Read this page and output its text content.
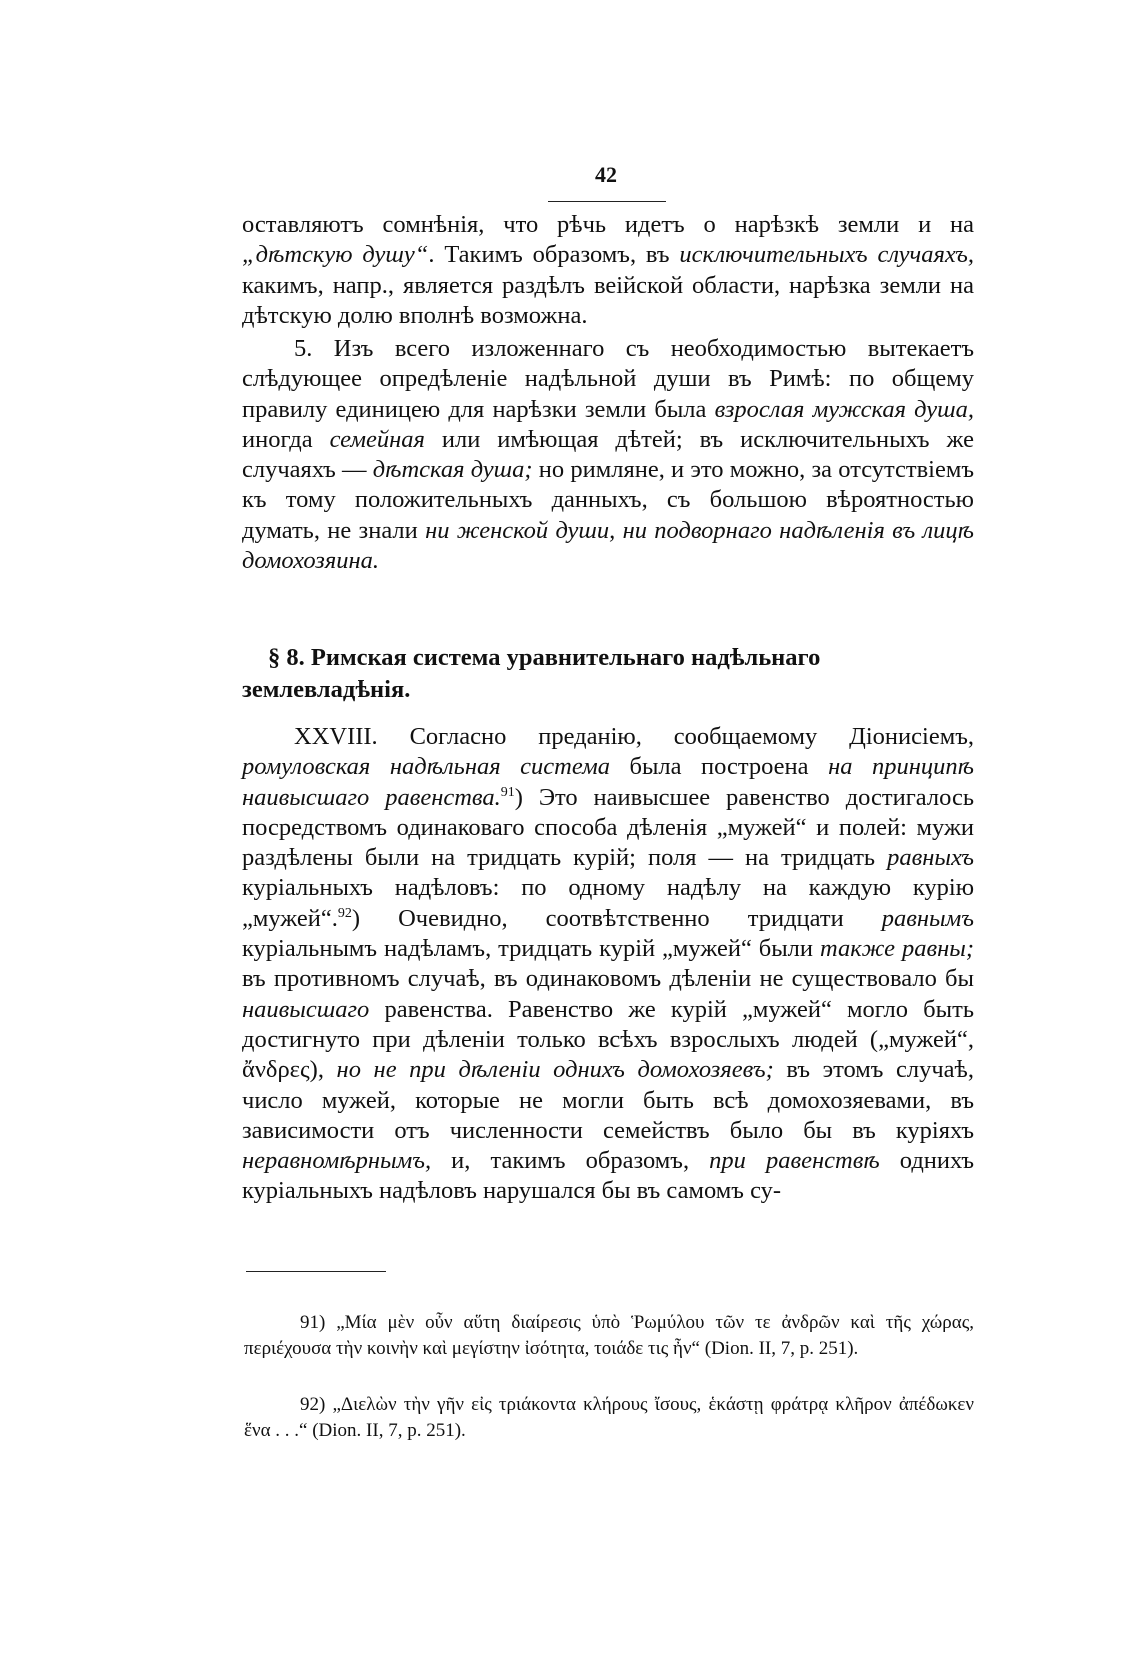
42

оставляютъ сомнѣнія, что рѣчь идетъ о нарѣзкѣ земли и на „дѣтскую душу“. Такимъ образомъ, въ исключительныхъ случаяхъ, какимъ, напр., является раздѣлъ веійской области, нарѣзка земли на дѣтскую долю вполнѣ возможна.

5. Изъ всего изложеннаго съ необходимостью вытекаетъ слѣдующее опредѣленіе надѣльной души въ Римѣ: по общему правилу единицею для нарѣзки земли была взрослая мужская душа, иногда семейная или имѣющая дѣтей; въ исключительныхъ же случаяхъ — дѣтская душа; но римляне, и это можно, за отсутствіемъ къ тому положительныхъ данныхъ, съ большою вѣроятностью думать, не знали ни женской души, ни подворнаго надѣленія въ лицѣ домохозяина.

§ 8. Римская система уравнительнаго надѣльнаго землевладѣнія.

XXVIII. Согласно преданію, сообщаемому Діонисіемъ, ромуловская надѣльная система была построена на принципѣ наивысшаго равенства.$^{91}$) Это наивысшее равенство достигалось посредствомъ одинаковаго способа дѣленія „мужей“ и полей: мужи раздѣлены были на тридцать курій; поля — на тридцать равныхъ куріальныхъ надѣловъ: по одному надѣлу на каждую курію „мужей“.$^{92}$) Очевидно, соотвѣтственно тридцати равнымъ куріальнымъ надѣламъ, тридцать курій „мужей“ были также равны; въ противномъ случаѣ, въ одинаковомъ дѣленіи не существовало бы наивысшаго равенства. Равенство же курій „мужей“ могло быть достигнуто при дѣленіи только всѣхъ взрослыхъ людей („мужей“, ἄνδρες), но не при дѣленіи однихъ домохозяевъ; въ этомъ случаѣ, число мужей, которые не могли быть всѣ домохозяевами, въ зависимости отъ численности семействъ было бы въ куріяхъ неравномѣрнымъ, и, такимъ образомъ, при равенствѣ однихъ куріальныхъ надѣловъ нарушался бы въ самомъ су-

91) „Μία μὲν οὖν αὕτη διαίρεσις ὑπὸ Ῥωμύλου τῶν τε ἀνδρῶν καὶ τῆς χώρας, περιέχουσα τὴν κοινὴν καὶ μεγίστην ἰσότητα, τοιάδε τις ἦν“ (Dion. II, 7, p. 251).

92) „Διελὼν τὴν γῆν εἰς τριάκοντα κλήρους ἴσους, ἑκάστῃ φράτρᾳ κλῆρον ἀπέδωκεν ἕνα . . .“ (Dion. II, 7, p. 251).
